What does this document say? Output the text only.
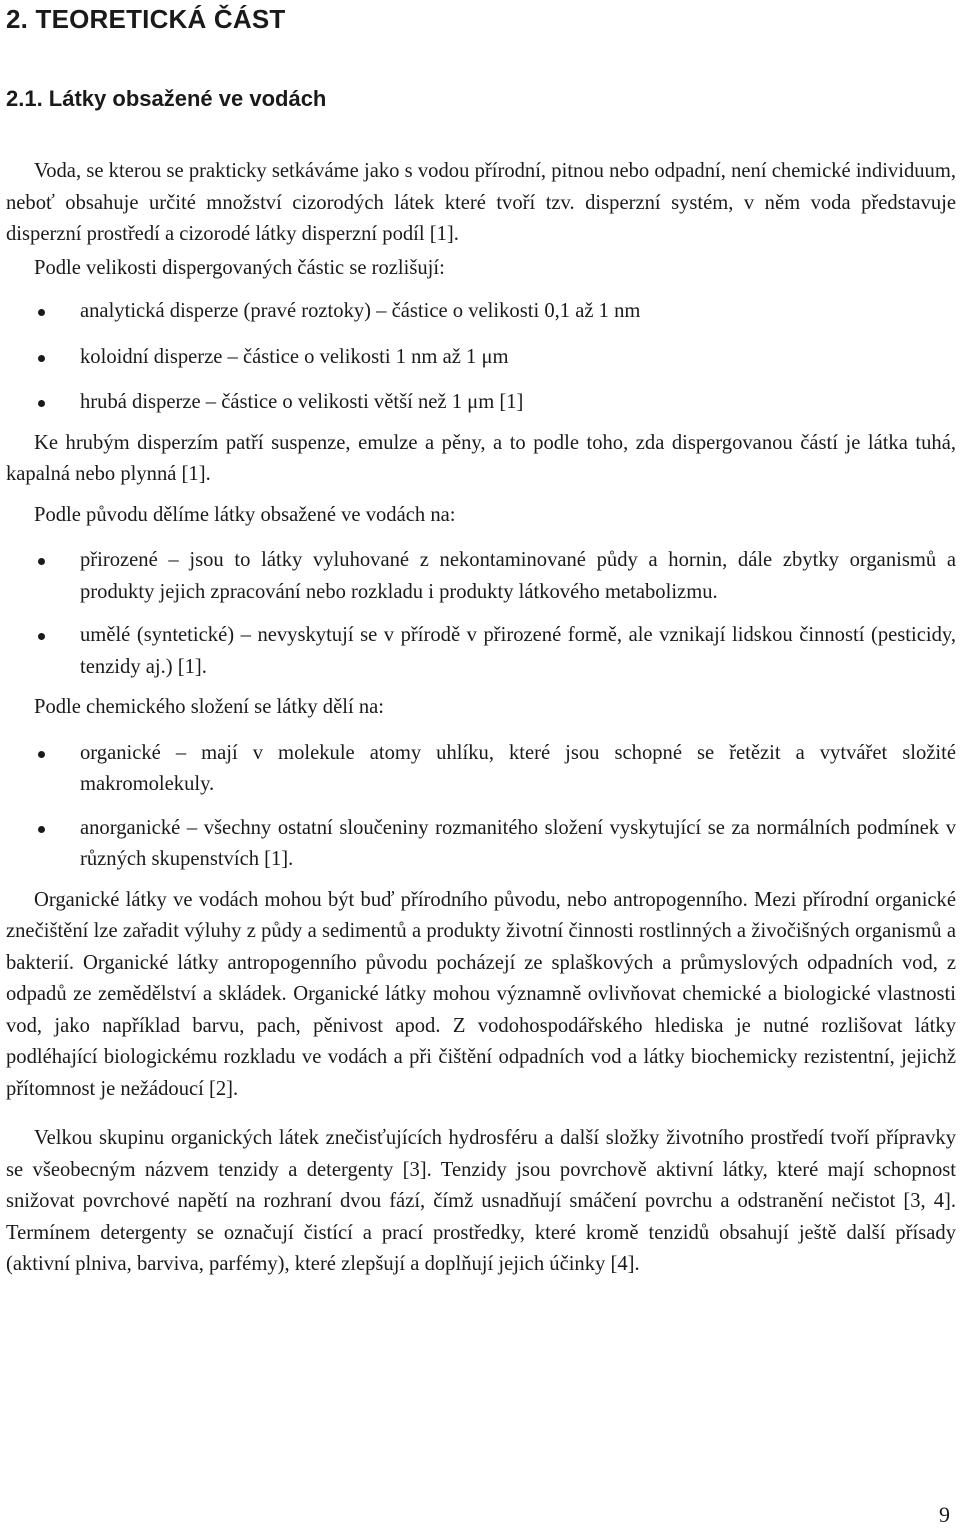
2. TEORETICKÁ ČÁST
2.1. Látky obsažené ve vodách

Voda, se kterou se prakticky setkáváme jako s vodou přírodní, pitnou nebo odpadní, není chemické individuum, neboť obsahuje určité množství cizorodých látek které tvoří tzv. disperzní systém, v něm voda představuje disperzní prostředí a cizorodé látky disperzní podíl [1].

Podle velikosti dispergovaných částic se rozlišují:

analytická disperze (pravé roztoky) – částice o velikosti 0,1 až 1 nm
koloidní disperze – částice o velikosti 1 nm až 1 μm
hrubá disperze – částice o velikosti větší než 1 μm [1]

Ke hrubým disperzím patří suspenze, emulze a pěny, a to podle toho, zda dispergovanou částí je látka tuhá, kapalná nebo plynná [1].

Podle původu dělíme látky obsažené ve vodách na:

přirozené – jsou to látky vyluhované z nekontaminované půdy a hornin, dále zbytky organismů a produkty jejich zpracování nebo rozkladu i produkty látkového metabolizmu.
umělé (syntetické) – nevyskytují se v přírodě v přirozené formě, ale vznikají lidskou činností (pesticidy, tenzidy aj.) [1].

Podle chemického složení se látky dělí na:

organické – mají v molekule atomy uhlíku, které jsou schopné se řetězit a vytvářet složité makromolekuly.
anorganické – všechny ostatní sloučeniny rozmanitého složení vyskytující se za normálních podmínek v různých skupenstvích [1].

Organické látky ve vodách mohou být buď přírodního původu, nebo antropogenního. Mezi přírodní organické znečištění lze zařadit výluhy z půdy a sedimentů a produkty životní činnosti rostlinných a živočišných organismů a bakterií. Organické látky antropogenního původu pocházejí ze splaškových a průmyslových odpadních vod, z odpadů ze zemědělství a skládek. Organické látky mohou významně ovlivňovat chemické a biologické vlastnosti vod, jako například barvu, pach, pěnivost apod. Z vodohospodářského hlediska je nutné rozlišovat látky podléhající biologickému rozkladu ve vodách a při čištění odpadních vod a látky biochemicky rezistentní, jejichž přítomnost je nežádoucí [2].

Velkou skupinu organických látek znečisťujících hydrosféru a další složky životního prostředí tvoří přípravky se všeobecným názvem tenzidy a detergenty [3]. Tenzidy jsou povrchově aktivní látky, které mají schopnost snižovat povrchové napětí na rozhraní dvou fází, čímž usnadňují smáčení povrchu a odstranění nečistot [3, 4]. Termínem detergenty se označují čistící a prací prostředky, které kromě tenzidů obsahují ještě další přísady (aktivní plniva, barviva, parfémy), které zlepšují a doplňují jejich účinky [4].

9
